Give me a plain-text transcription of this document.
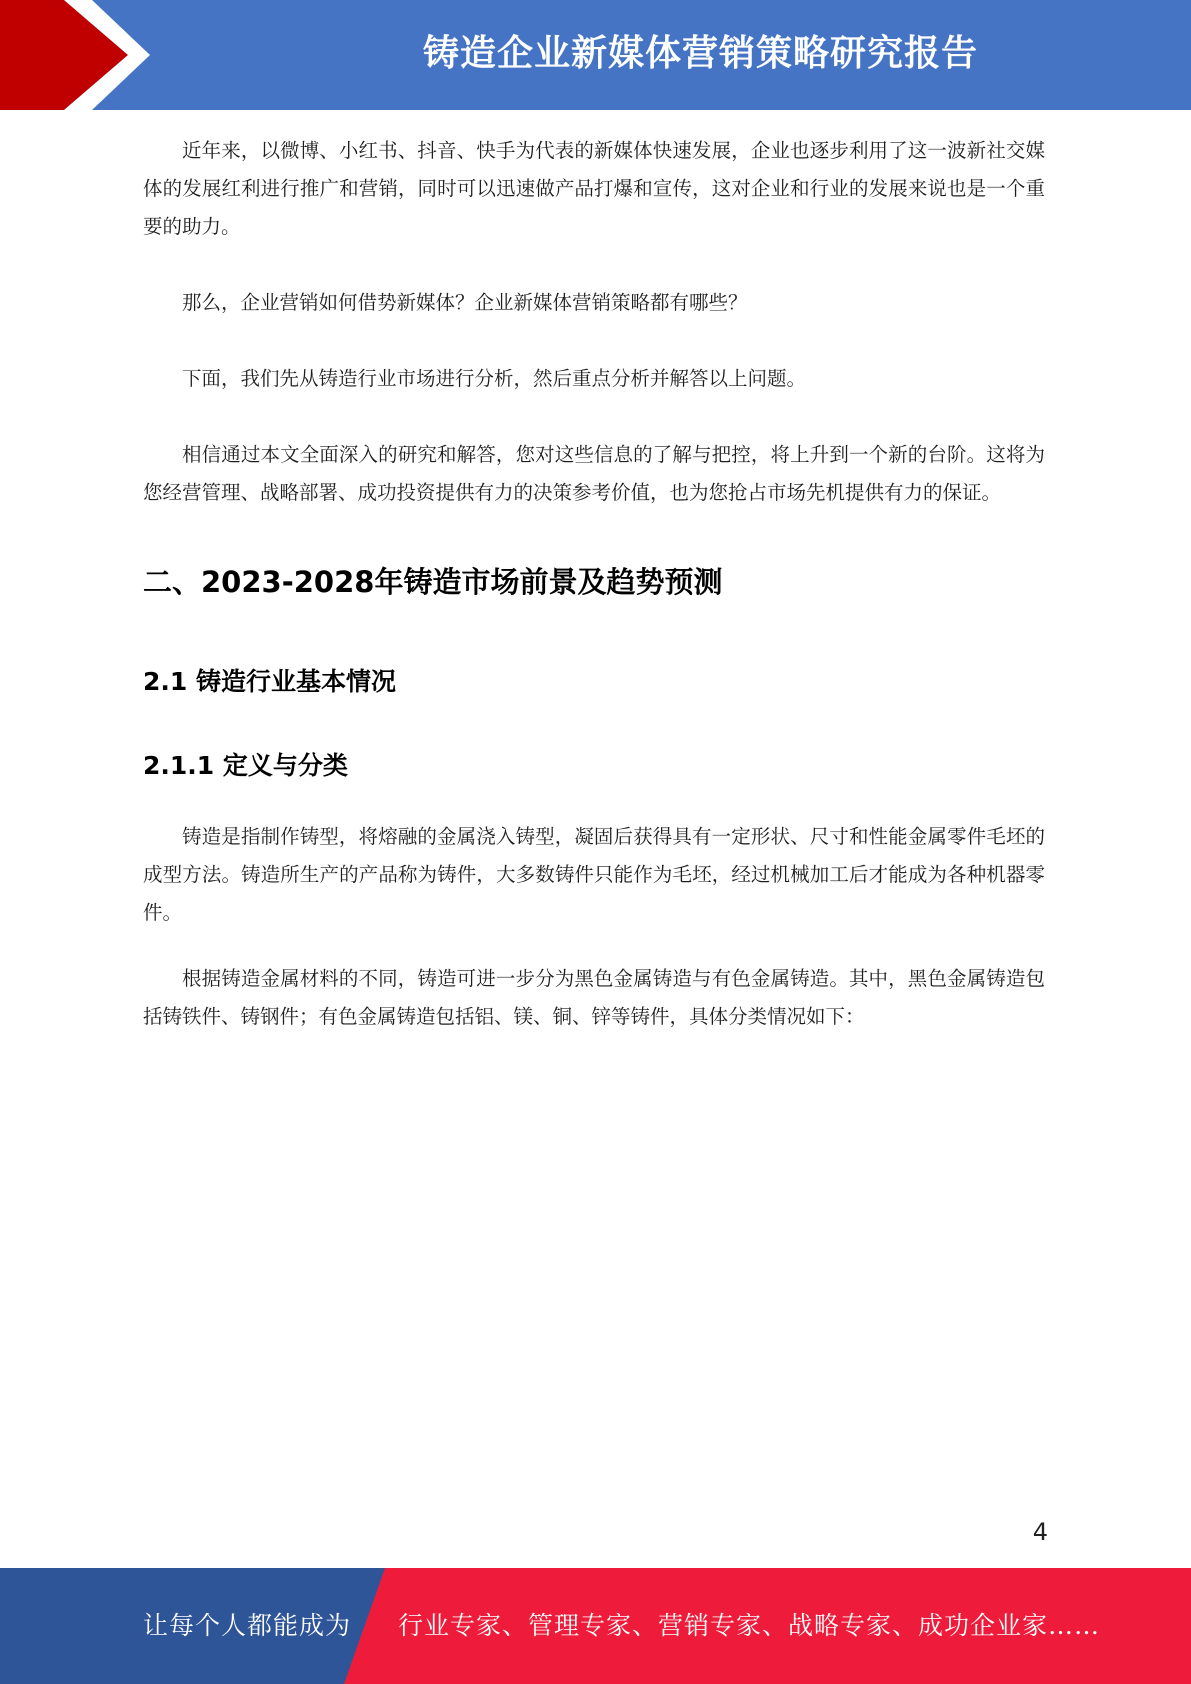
铸造企业新媒体营销策略研究报告

近年来，以微博、小红书、抖音、快手为代表的新媒体快速发展，企业也逐步利用了这一波新社交媒体的发展红利进行推广和营销，同时可以迅速做产品打爆和宣传，这对企业和行业的发展来说也是一个重要的助力。

那么，企业营销如何借势新媒体？企业新媒体营销策略都有哪些？

下面，我们先从铸造行业市场进行分析，然后重点分析并解答以上问题。

相信通过本文全面深入的研究和解答，您对这些信息的了解与把控，将上升到一个新的台阶。这将为您经营管理、战略部署、成功投资提供有力的决策参考价值，也为您抢占市场先机提供有力的保证。

二、2023-2028年铸造市场前景及趋势预测
2.1 铸造行业基本情况
2.1.1 定义与分类

铸造是指制作铸型，将熔融的金属浇入铸型，凝固后获得具有一定形状、尺寸和性能金属零件毛坯的成型方法。铸造所生产的产品称为铸件，大多数铸件只能作为毛坯，经过机械加工后才能成为各种机器零件。

根据铸造金属材料的不同，铸造可进一步分为黑色金属铸造与有色金属铸造。其中，黑色金属铸造包括铸铁件、铸钢件；有色金属铸造包括铝、镁、铜、锌等铸件，具体分类情况如下：

4
让每个人都能成为 行业专家、管理专家、营销专家、战略专家、成功企业家……
